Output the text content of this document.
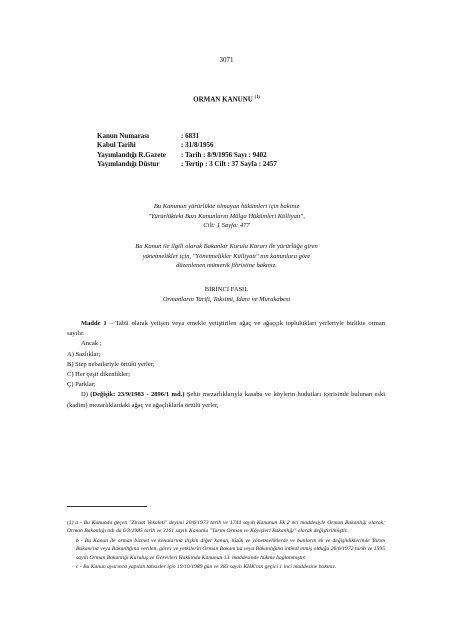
3071
ORMAN KANUNU $^{(1)}$
Kanun Numarası	: 6831
Kabul Tarihi	: 31/8/1956
Yayımlandığı R.Gazete : Tarih : 8/9/1956 Sayı : 9402
Yayımlandığı Düstur	: Tertip : 3 Cilt : 37 Sayfa : 2457
Bu Kanunun yürürlükte olmayan hükümleri için bakınız
"Yürürlükteki Bazı Kanunların Mülga Hükümleri Külliyatı",
Cilt: 1 Sayfa: 477
Bu Kanun ile ilgili olarak Bakanlar Kurulu Kararı ile yürürlüğe giren
yönetmelikler için, "Yönetmelikler Külliyatı" nın kanunlara göre
düzenlenen mümerik fihristine bakınız.
BİRİNCİ FASIL
Ormanların Tarifi, Taksimi, İdare ve Murakabesi

Madde 1 – Tabii olarak yetişen veya emekle yetiştirilen ağaç ve ağaççık toplulukları yerleriyle birlikte orman sayılır.

Ancak ;

A) Sazlıklar;

B) Step nebatlariyle örtülü yerler;

C) Her çeşit dikenlikler;

Ç) Parklar;

D) (Değişik: 23/9/1983 - 2896/1 md.) Şehir mezarlıklarıyla kasaba ve köylerin hudutları içerisinde bulunan eski (kadim) mezarlıklardaki ağaç ve ağaçlıklarla örtülü yerler,

(1) a - Bu Kanunda geçen "Ziraat Vekaleti" deyimi 20/6/1973 tarih ve 1744 sayılı Kanunun Ek 2 nci maddesiyle Orman Bakanlığı olarak; Orman Bakanlığı adı da 6/3/1985 tarih ve 3161 sayılı Kanunla "Tarım Orman ve Köyişleri Bakanlığı" olarak değiştirilmiştir.

b - Bu Kanun ile orman bizmet ve konularına ilişkin diğer kanun, tüzük ve yönetmeliklerde ve bunların ek ve değişikliklerinde Tarım Bakanı'na veya Bakanlığına verilen, görev ve yetkilerin Orman Bakanı'na veya Bakanlığına intikal etmiş olduğu 26/6/1972 tarih ve 1595 sayılı Orman Bakanlığı Kuruluş ve Görevleri Hakkında Kanunun 13. maddesinde hükme bağlanmıştır.

c - Bu Kanun uyarınca yapılan tahsisler için 19/10/1989 gün ve 383 sayılı KHK'nin geçici 1 inci maddesine bakınız.
